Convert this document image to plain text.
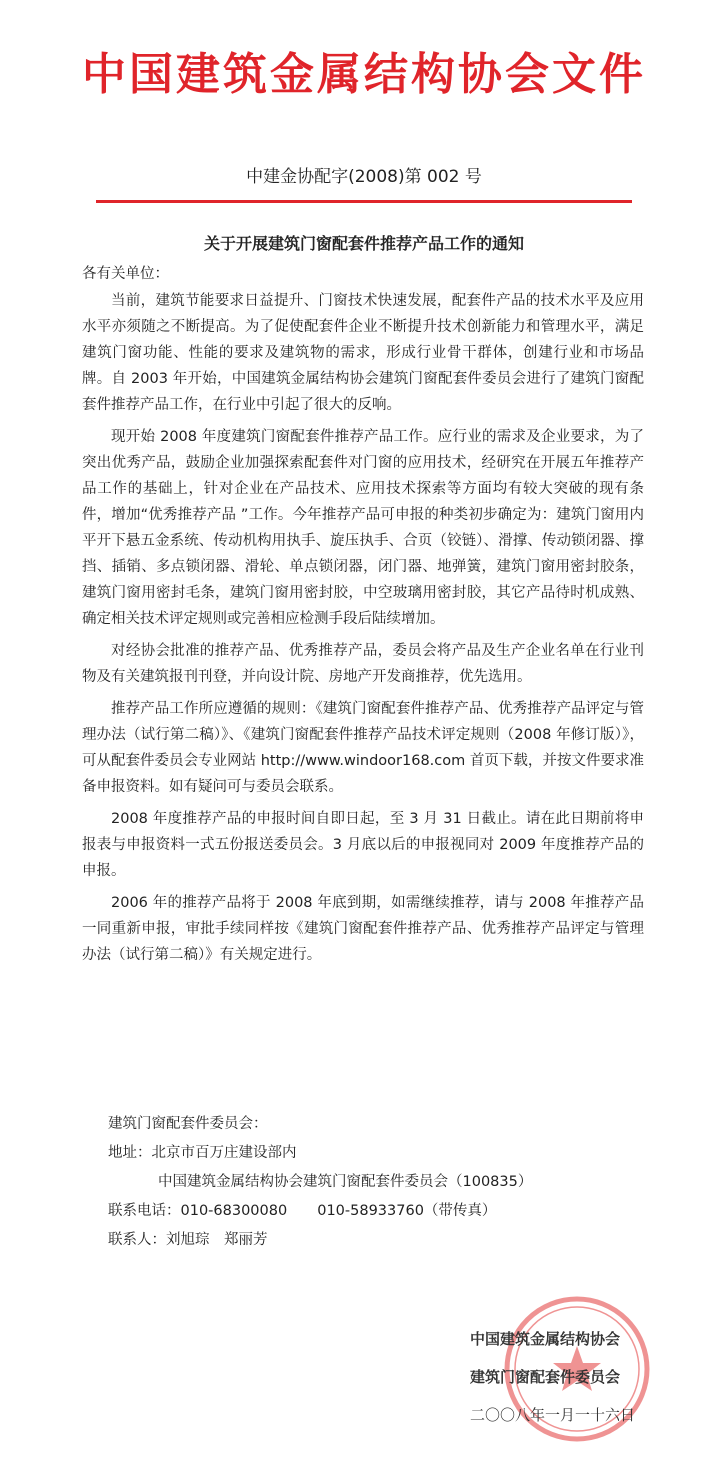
中国建筑金属结构协会文件
中建金协配字(2008)第 002 号
关于开展建筑门窗配套件推荐产品工作的通知
各有关单位：

当前，建筑节能要求日益提升、门窗技术快速发展，配套件产品的技术水平及应用水平亦须随之不断提高。为了促使配套件企业不断提升技术创新能力和管理水平，满足建筑门窗功能、性能的要求及建筑物的需求，形成行业骨干群体，创建行业和市场品牌。自 2003 年开始，中国建筑金属结构协会建筑门窗配套件委员会进行了建筑门窗配套件推荐产品工作，在行业中引起了很大的反响。

现开始 2008 年度建筑门窗配套件推荐产品工作。应行业的需求及企业要求，为了突出优秀产品，鼓励企业加强探索配套件对门窗的应用技术，经研究在开展五年推荐产品工作的基础上，针对企业在产品技术、应用技术探索等方面均有较大突破的现有条件，增加“优秀推荐产品 ”工作。今年推荐产品可申报的种类初步确定为：建筑门窗用内平开下悬五金系统、传动机构用执手、旋压执手、合页（铰链）、滑撑、传动锁闭器、撑挡、插销、多点锁闭器、滑轮、单点锁闭器，闭门器、地弹簧，建筑门窗用密封胶条，建筑门窗用密封毛条，建筑门窗用密封胶，中空玻璃用密封胶，其它产品待时机成熟、确定相关技术评定规则或完善相应检测手段后陆续增加。

对经协会批准的推荐产品、优秀推荐产品，委员会将产品及生产企业名单在行业刊物及有关建筑报刊刊登，并向设计院、房地产开发商推荐，优先选用。

推荐产品工作所应遵循的规则：《建筑门窗配套件推荐产品、优秀推荐产品评定与管理办法（试行第二稿）》、《建筑门窗配套件推荐产品技术评定规则（2008 年修订版）》，可从配套件委员会专业网站 http://www.windoor168.com 首页下载，并按文件要求准备申报资料。如有疑问可与委员会联系。

2008 年度推荐产品的申报时间自即日起，至 3 月 31 日截止。请在此日期前将申报表与申报资料一式五份报送委员会。3 月底以后的申报视同对 2009 年度推荐产品的申报。

2006 年的推荐产品将于 2008 年底到期，如需继续推荐，请与 2008 年推荐产品一同重新申报，审批手续同样按《建筑门窗配套件推荐产品、优秀推荐产品评定与管理办法（试行第二稿）》有关规定进行。

建筑门窗配套件委员会：
地址：北京市百万庄建设部内
中国建筑金属结构协会建筑门窗配套件委员会（100835）
联系电话：010-68300080 010-58933760（带传真）
联系人：刘旭琮　郑丽芳
中国建筑金属结构协会
建筑门窗配套件委员会
二〇〇八年一月一十六日
